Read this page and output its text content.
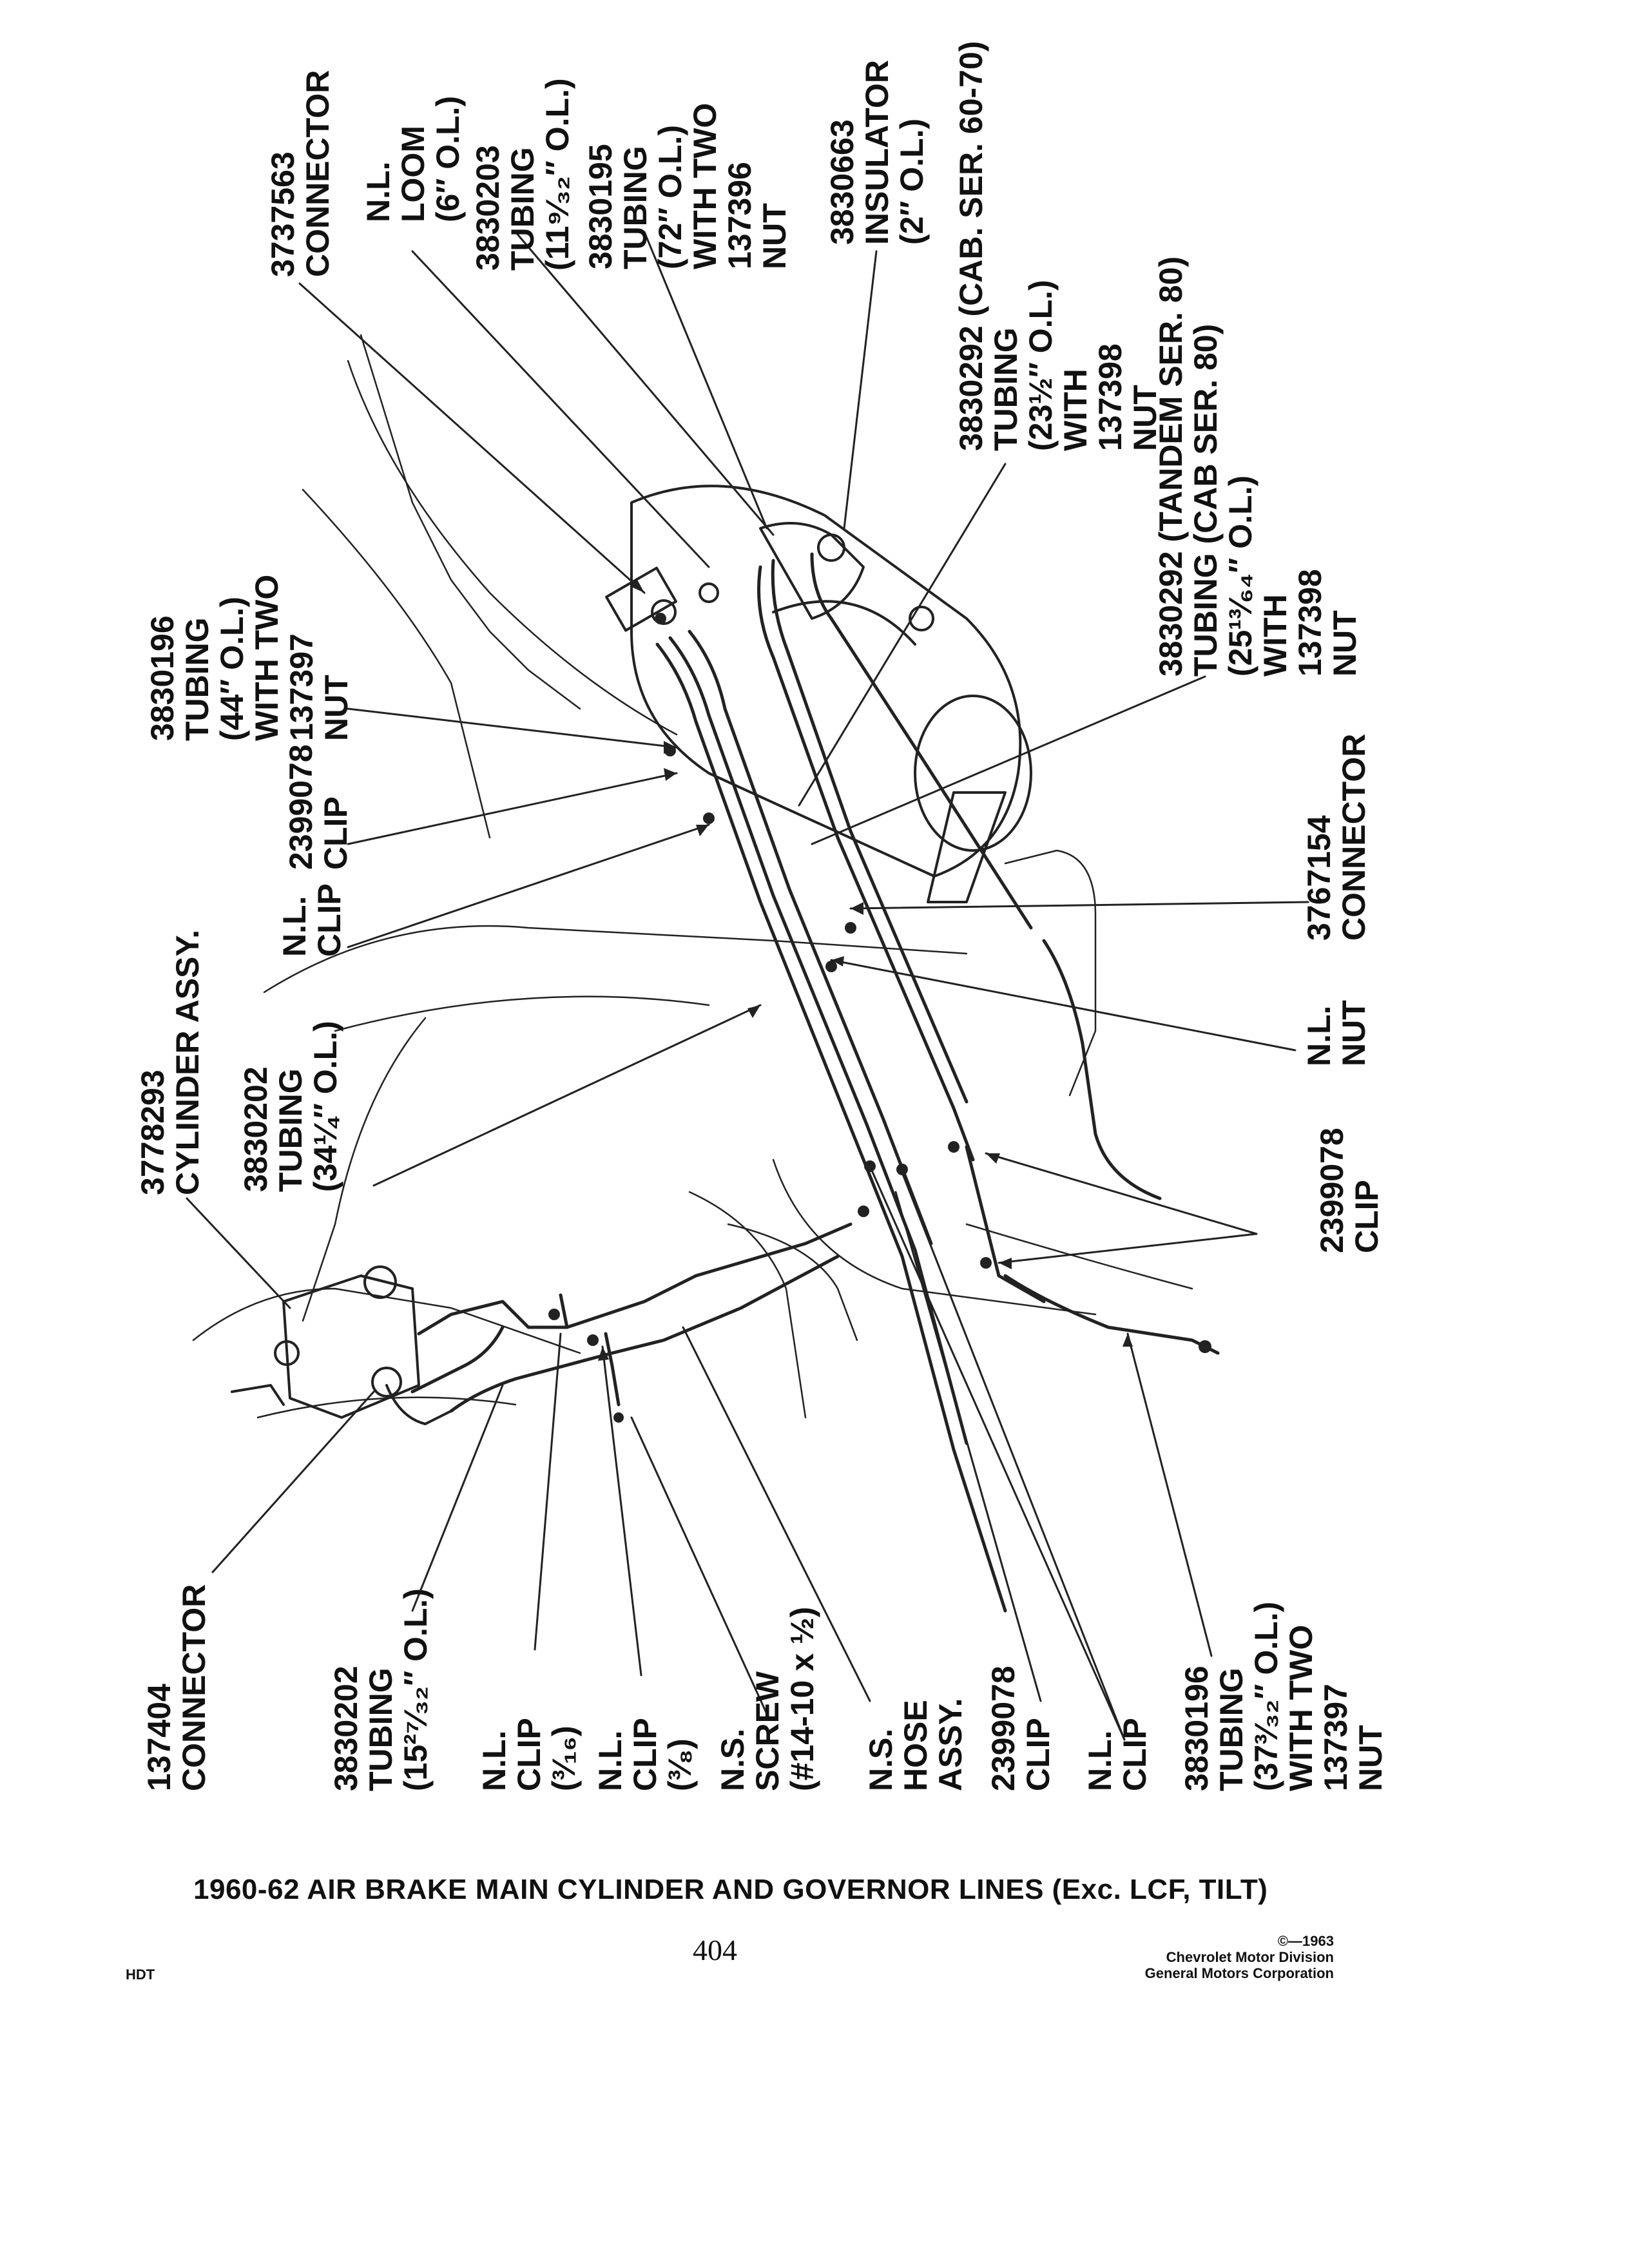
3737563
CONNECTOR N.L.
LOOM
(6″ O.L.) 3830203
TUBING
(11⁹⁄₃₂″ O.L.) 3830195
TUBING
(72″ O.L.)
WITH TWO
137396
NUT 3830663
INSULATOR
(2″ O.L.) 3830292 (CAB. SER. 60-70)
TUBING
(23½″ O.L.)
WITH
137398
NUT
3830292 (TANDEM SER. 80)
TUBING (CAB SER. 80)
(25¹³⁄₆₄″ O.L.)
WITH
137398
NUT
3830196
TUBING
(44″ O.L.)
WITH TWO
137397
NUT
2399078
CLIP
N.L.
CLIP	3767154
CONNECTOR
3778293
CYLINDER ASSY. 3830202
TUBING
(34¼″ O.L.)	N.L.
NUT
2399078
CLIP
137404
CONNECTOR	3830202
TUBING
(15²⁷⁄₃₂″ O.L.) N.L.
CLIP
(³⁄₁₆) N.L.
CLIP
(³⁄₈) N.S.
SCREW
(#14-10 x ½) N.S.
HOSE
ASSY. 2399078
CLIP N.L.
CLIP 3830196
TUBING
(37³⁄₃₂″ O.L.)
WITH TWO
137397
NUT
1960-62 AIR BRAKE MAIN CYLINDER AND GOVERNOR LINES (Exc. LCF, TILT)
404
HDT
©—1963
Chevrolet Motor Division
General Motors Corporation
